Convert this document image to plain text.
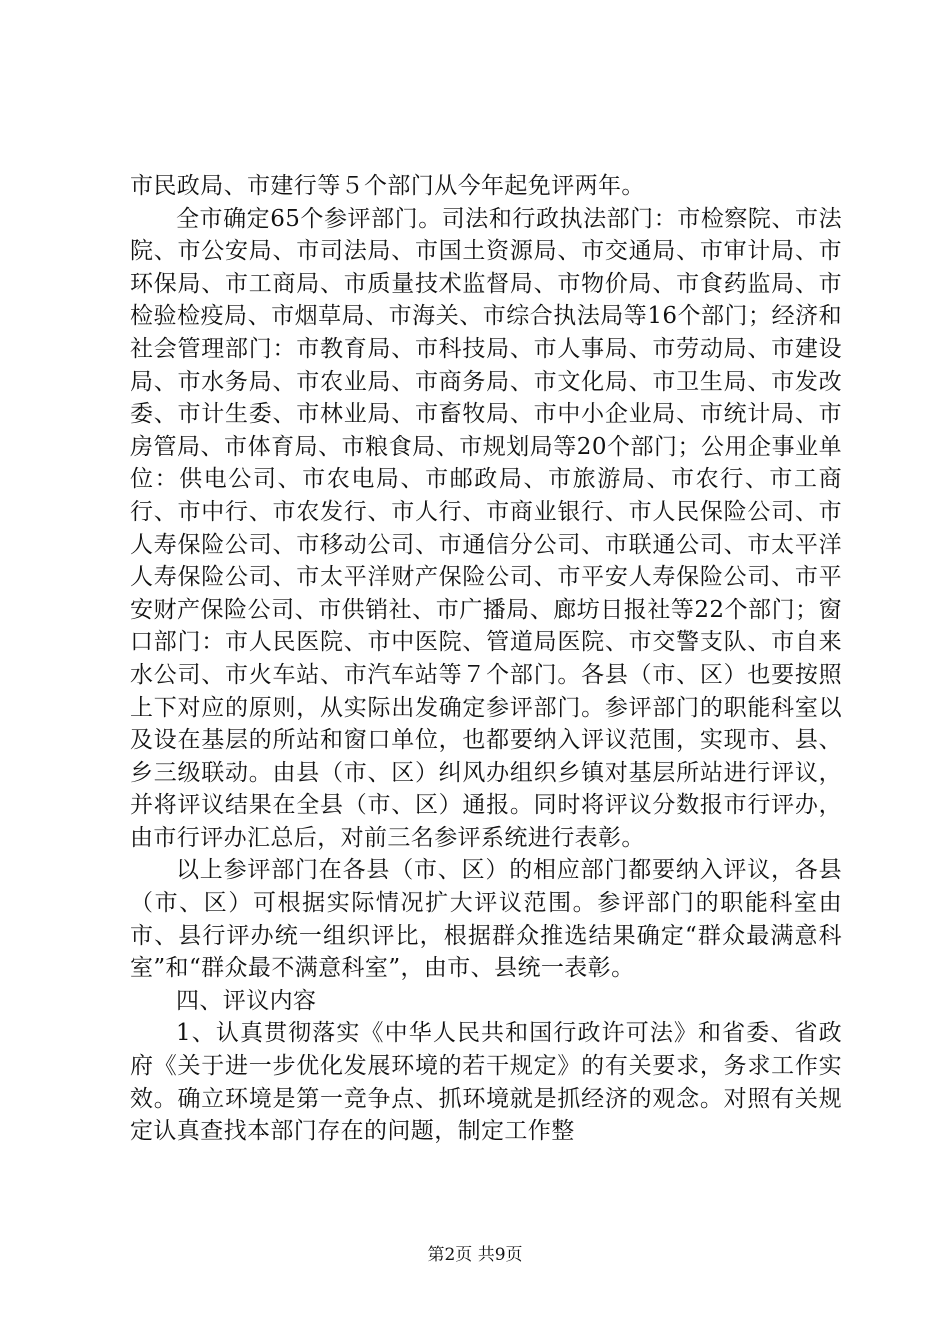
市民政局、市建行等５个部门从今年起免评两年。

全市确定65个参评部门。司法和行政执法部门：市检察院、市法院、市公安局、市司法局、市国土资源局、市交通局、市审计局、市环保局、市工商局、市质量技术监督局、市物价局、市食药监局、市检验检疫局、市烟草局、市海关、市综合执法局等16个部门；经济和社会管理部门：市教育局、市科技局、市人事局、市劳动局、市建设局、市水务局、市农业局、市商务局、市文化局、市卫生局、市发改委、市计生委、市林业局、市畜牧局、市中小企业局、市统计局、市房管局、市体育局、市粮食局、市规划局等20个部门；公用企事业单位：供电公司、市农电局、市邮政局、市旅游局、市农行、市工商行、市中行、市农发行、市人行、市商业银行、市人民保险公司、市人寿保险公司、市移动公司、市通信分公司、市联通公司、市太平洋人寿保险公司、市太平洋财产保险公司、市平安人寿保险公司、市平安财产保险公司、市供销社、市广播局、廊坊日报社等22个部门；窗口部门：市人民医院、市中医院、管道局医院、市交警支队、市自来水公司、市火车站、市汽车站等７个部门。各县（市、区）也要按照上下对应的原则，从实际出发确定参评部门。参评部门的职能科室以及设在基层的所站和窗口单位，也都要纳入评议范围，实现市、县、乡三级联动。由县（市、区）纠风办组织乡镇对基层所站进行评议，并将评议结果在全县（市、区）通报。同时将评议分数报市行评办，由市行评办汇总后，对前三名参评系统进行表彰。

以上参评部门在各县（市、区）的相应部门都要纳入评议，各县（市、区）可根据实际情况扩大评议范围。参评部门的职能科室由市、县行评办统一组织评比，根据群众推选结果确定“群众最满意科室”和“群众最不满意科室”，由市、县统一表彰。

四、评议内容

1、认真贯彻落实《中华人民共和国行政许可法》和省委、省政府《关于进一步优化发展环境的若干规定》的有关要求，务求工作实效。确立环境是第一竞争点、抓环境就是抓经济的观念。对照有关规定认真查找本部门存在的问题，制定工作整

第2页 共9页
